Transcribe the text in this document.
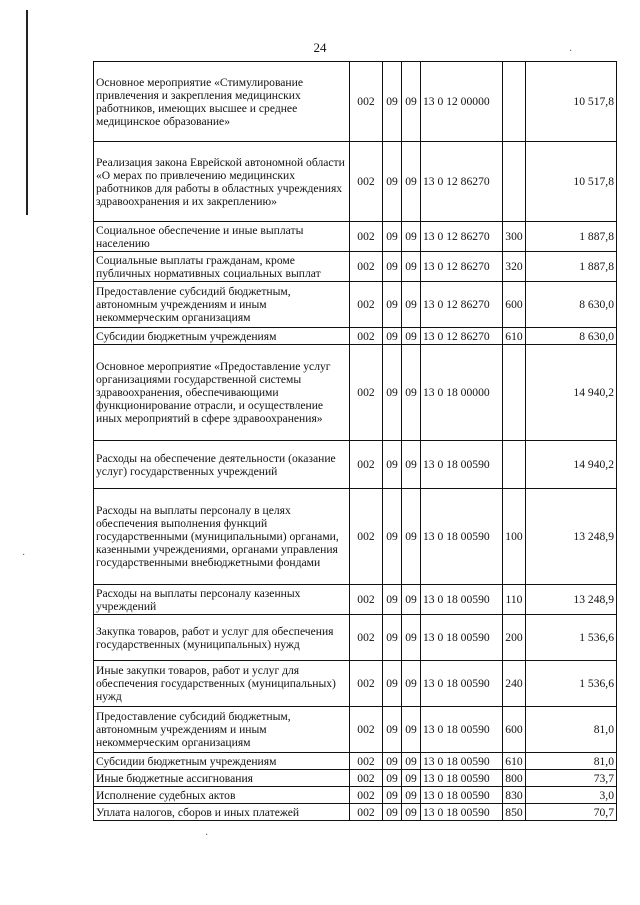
24
Основное мероприятие «Стимулирование привлечения и закрепления медицинских работников, имеющих высшее и среднее медицинское образование»	002	09	09	13 0 12 00000		10 517,8
Реализация закона Еврейской автономной области «О мерах по привлечению медицинских работников для работы в областных учреждениях здравоохранения и их закреплению»	002	09	09	13 0 12 86270		10 517,8
Социальное обеспечение и иные выплаты населению	002	09	09	13 0 12 86270	300	1 887,8
Социальные выплаты гражданам, кроме публичных нормативных социальных выплат	002	09	09	13 0 12 86270	320	1 887,8
Предоставление субсидий бюджетным, автономным учреждениям и иным некоммерческим организациям	002	09	09	13 0 12 86270	600	8 630,0
Субсидии бюджетным учреждениям	002	09	09	13 0 12 86270	610	8 630,0
Основное мероприятие «Предоставление услуг организациями государственной системы здравоохранения, обеспечивающими функционирование отрасли, и осуществление иных мероприятий в сфере здравоохранения»	002	09	09	13 0 18 00000		14 940,2
Расходы на обеспечение деятельности (оказание услуг) государственных учреждений	002	09	09	13 0 18 00590		14 940,2
Расходы на выплаты персоналу в целях обеспечения выполнения функций государственными (муниципальными) органами, казенными учреждениями, органами управления государственными внебюджетными фондами	002	09	09	13 0 18 00590	100	13 248,9
Расходы на выплаты персоналу казенных учреждений	002	09	09	13 0 18 00590	110	13 248,9
Закупка товаров, работ и услуг для обеспечения государственных (муниципальных) нужд	002	09	09	13 0 18 00590	200	1 536,6
Иные закупки товаров, работ и услуг для обеспечения государственных (муниципальных) нужд	002	09	09	13 0 18 00590	240	1 536,6
Предоставление субсидий бюджетным, автономным учреждениям и иным некоммерческим организациям	002	09	09	13 0 18 00590	600	81,0
Субсидии бюджетным учреждениям	002	09	09	13 0 18 00590	610	81,0
Иные бюджетные ассигнования	002	09	09	13 0 18 00590	800	73,7
Исполнение судебных актов	002	09	09	13 0 18 00590	830	3,0
Уплата налогов, сборов и иных платежей	002	09	09	13 0 18 00590	850	70,7
·
·
·
